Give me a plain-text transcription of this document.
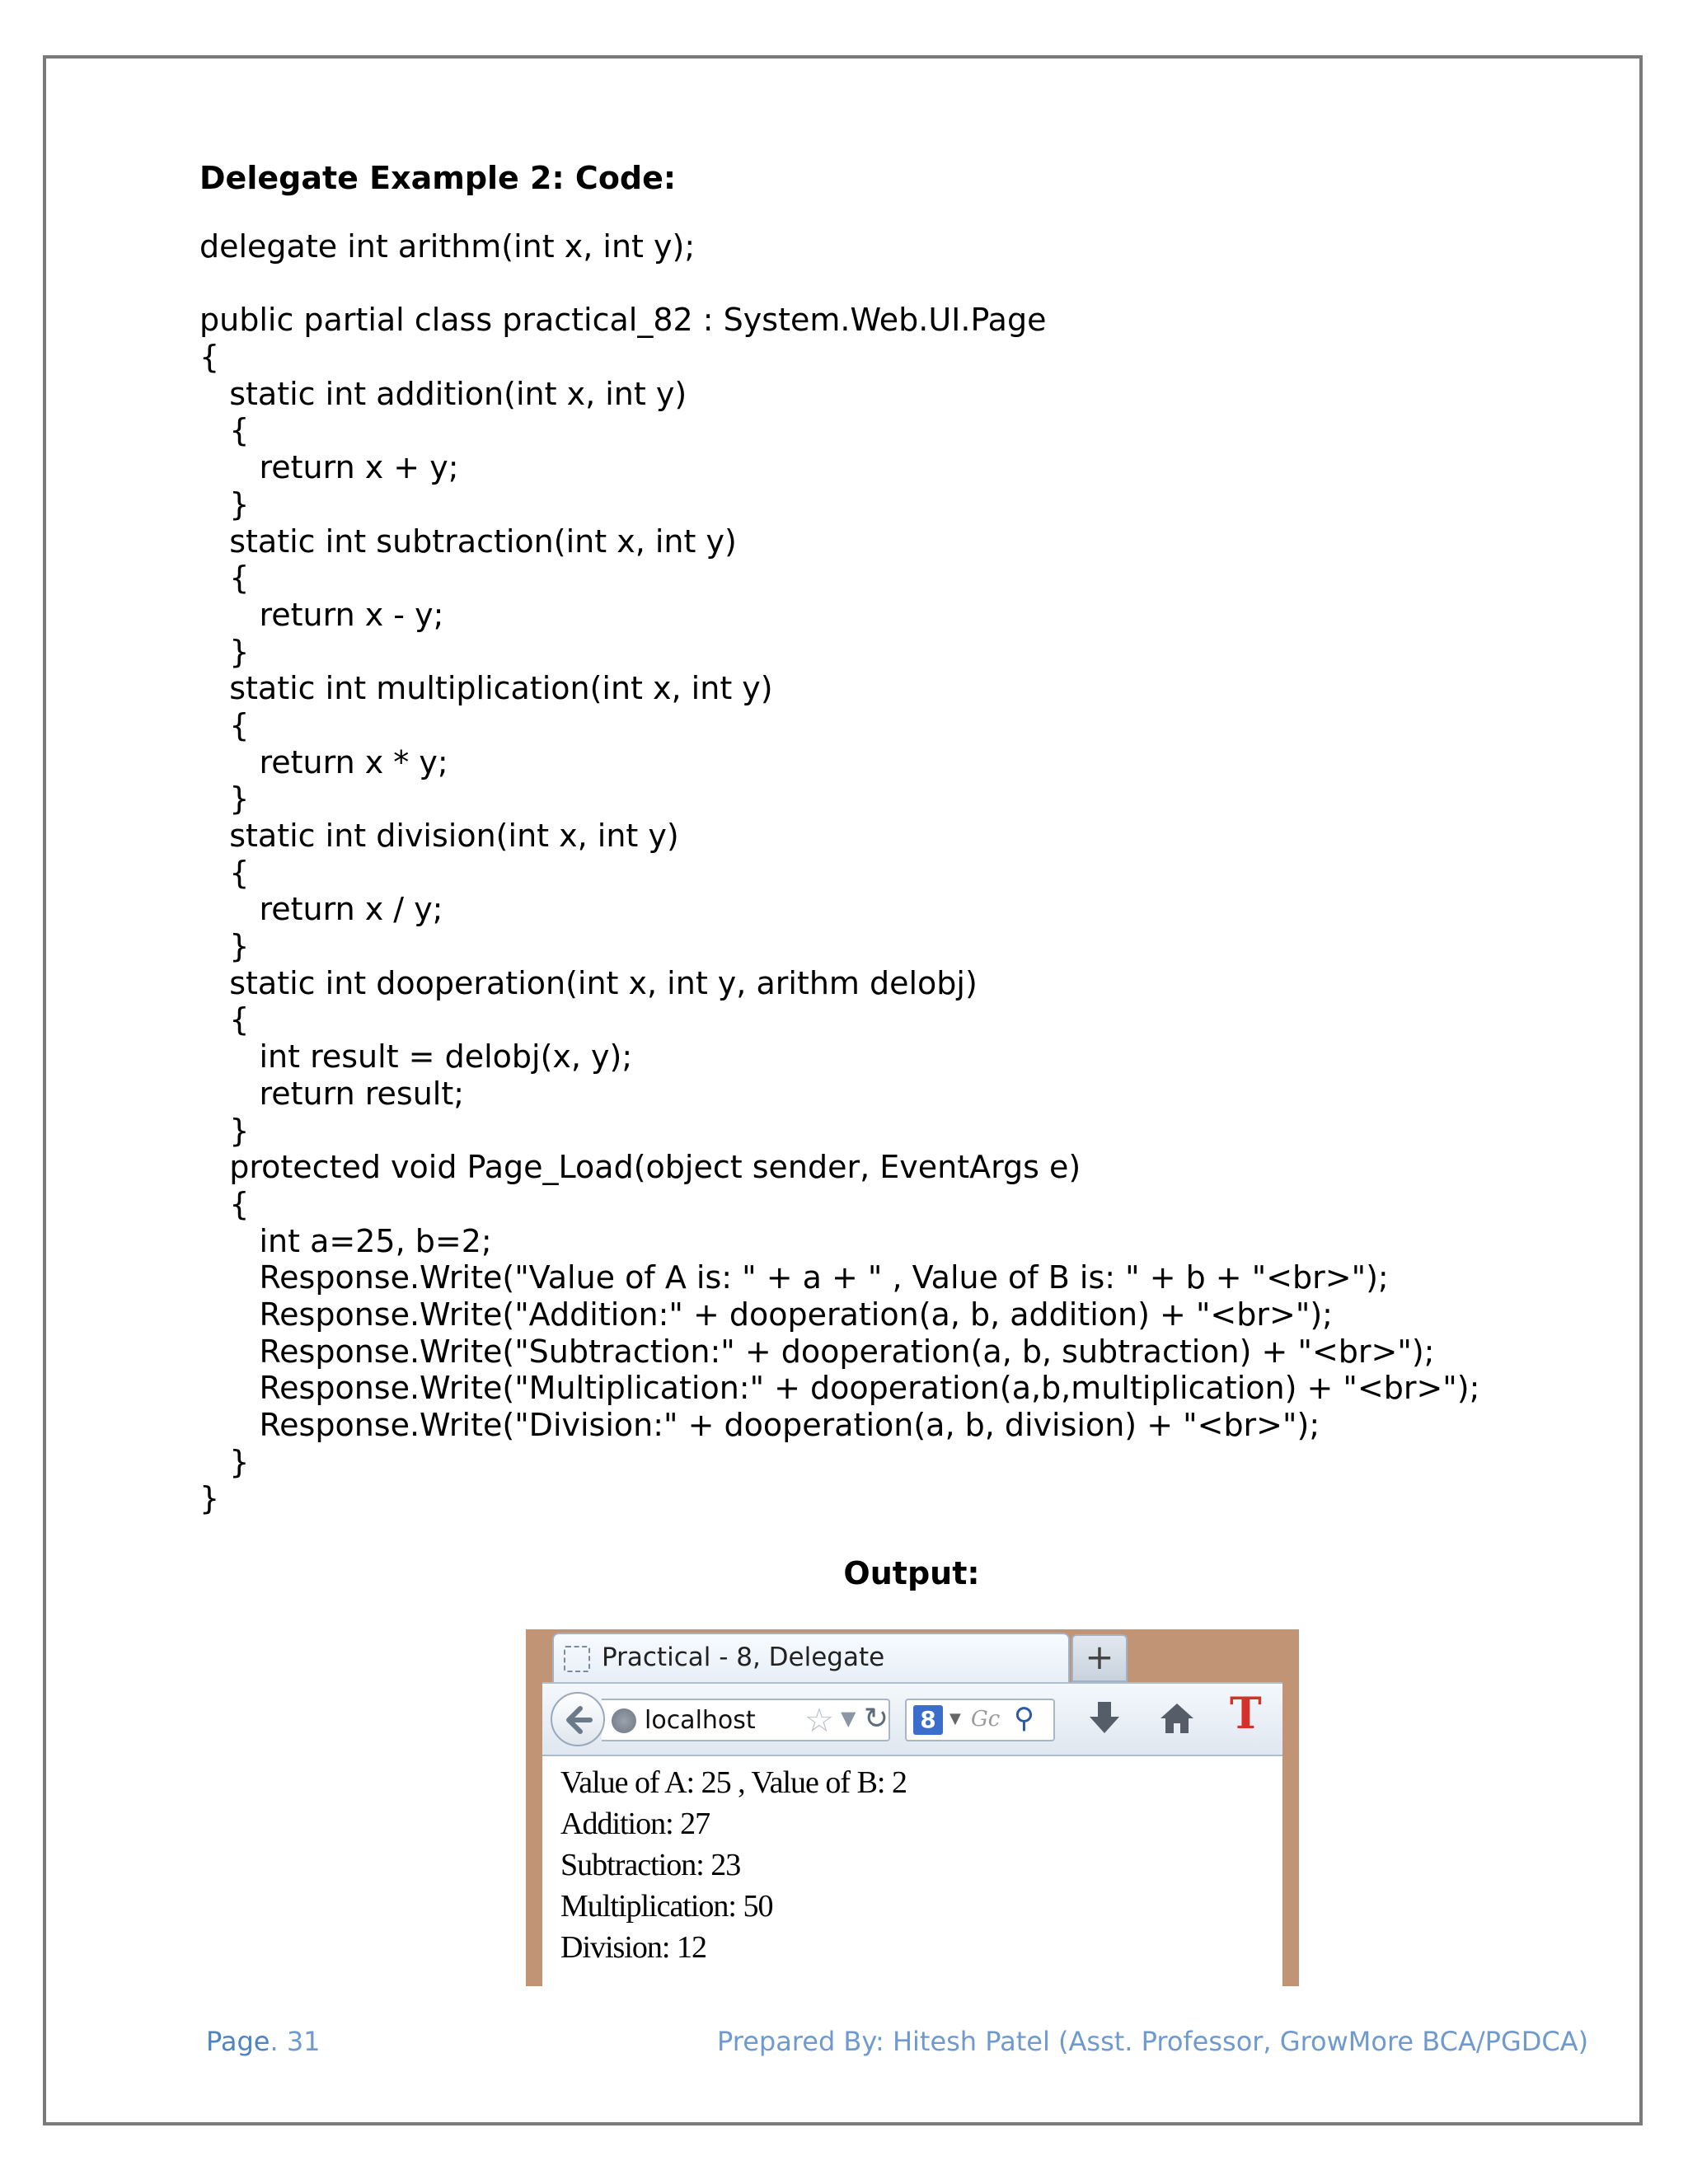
Delegate Example 2: Code:
delegate int arithm(int x, int y);
public partial class practical_82 : System.Web.UI.Page
{
static int addition(int x, int y)
{
return x + y;
}
static int subtraction(int x, int y)
{
return x - y;
}
static int multiplication(int x, int y)
{
return x * y;
}
static int division(int x, int y)
{
return x / y;
}
static int dooperation(int x, int y, arithm delobj)
{
int result = delobj(x, y);
return result;
}
protected void Page_Load(object sender, EventArgs e)
{
int a=25, b=2;
Response.Write("Value of A is: " + a + " , Value of B is: " + b + "<br>");
Response.Write("Addition:" + dooperation(a, b, addition) + "<br>");
Response.Write("Subtraction:" + dooperation(a, b, subtraction) + "<br>");
Response.Write("Multiplication:" + dooperation(a,b,multiplication) + "<br>");
Response.Write("Division:" + dooperation(a, b, division) + "<br>");
}
}
Output:
Practical - 8, Delegate	+
localhost ☆ ▼ ↻ 8 ▼ Gc ⚲	T
Value of A: 25 , Value of B: 2
Addition: 27
Subtraction: 23
Multiplication: 50
Division: 12
Page. 31	Prepared By: Hitesh Patel (Asst. Professor, GrowMore BCA/PGDCA)
